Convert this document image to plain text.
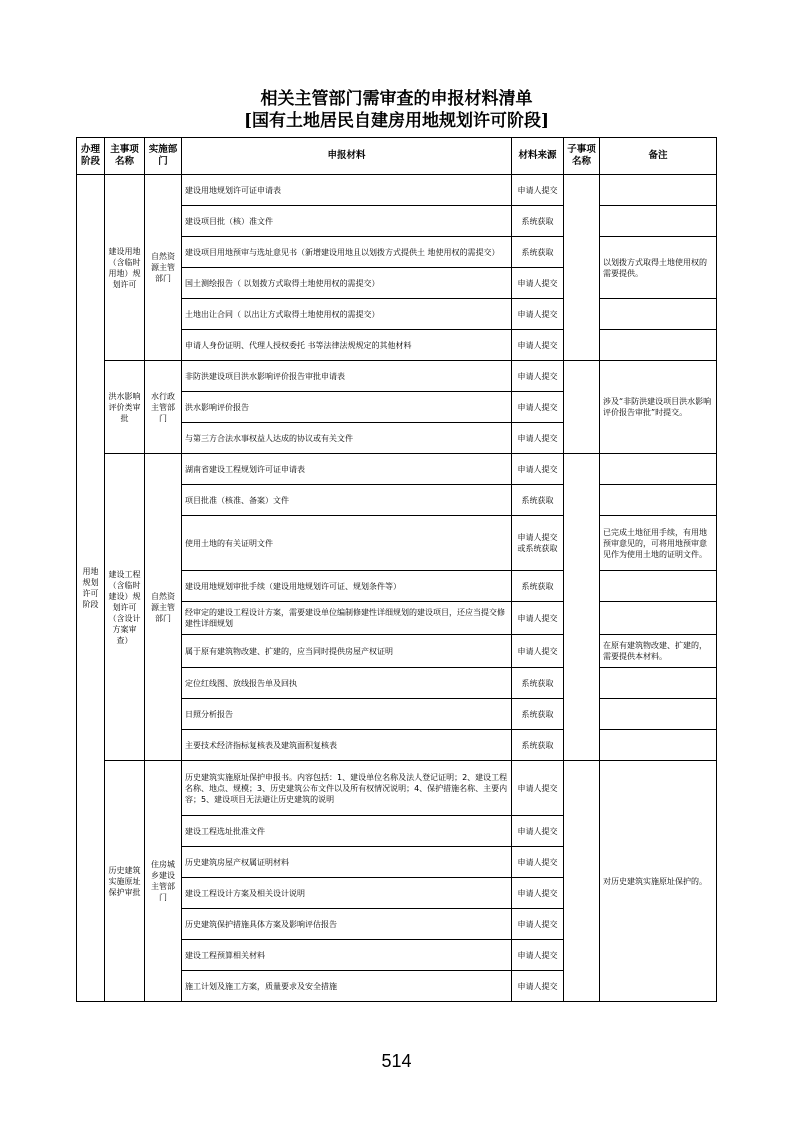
相关主管部门需审查的申报材料清单
[国有土地居民自建房用地规划许可阶段]
办理阶段	主事项名称	实施部门	申报材料	材料来源	子事项名称	备注
用地规划许可阶段	建设用地（含临时用地）规划许可	自然资源主管部门	建设用地规划许可证申请表	申请人提交		
			建设项目批（核）准文件	系统获取		
			建设项目用地预审与选址意见书（新增建设用地且以划拨方式提供土 地使用权的需提交）	系统获取		以划拨方式取得土地使用权的需要提供。
			国土测绘报告（ 以划拨方式取得土地使用权的需提交）	申请人提交		
			土地出让合同（ 以出让方式取得土地使用权的需提交）	申请人提交		
			申请人身份证明、代理人授权委托 书等法律法规规定的其他材料	申请人提交		
	洪水影响评价类审批	水行政主管部门	非防洪建设项目洪水影响评价报告审批申请表	申请人提交		涉及“非防洪建设项目洪水影响评价报告审批”时提交。
			洪水影响评价报告	申请人提交		
			与第三方合法水事权益人达成的协议或有关文件	申请人提交		
	建设工程（含临时建设）规划许可（含设计方案审查）	自然资源主管部门	湖南省建设工程规划许可证申请表	申请人提交		
			项目批准（核准、备案）文件	系统获取		
			使用土地的有关证明文件	申请人提交或系统获取		已完成土地征用手续，有用地预审意见的，可将用地预审意见作为使用土地的证明文件。
			建设用地规划审批手续（建设用地规划许可证、规划条件等）	系统获取		
			经审定的建设工程设计方案，需要建设单位编制修建性详细规划的建设项目，还应当提交修建性详细规划	申请人提交		
			属于原有建筑物改建、扩建的，应当同时提供房屋产权证明	申请人提交		在原有建筑物改建、扩建的，需要提供本材料。
			定位红线图、放线报告单及回执	系统获取		
			日照分析报告	系统获取		
			主要技术经济指标复核表及建筑面积复核表	系统获取		
	历史建筑实施原址保护审批	住房城乡建设主管部门	历史建筑实施原址保护申报书。内容包括：1、建设单位名称及法人登记证明；2、建设工程名称、地点、规模；3、历史建筑公布文件以及所有权情况说明；4、保护措施名称、主要内容；5、建设项目无法避让历史建筑的说明	申请人提交		对历史建筑实施原址保护的。
			建设工程选址批准文件	申请人提交		
			历史建筑房屋产权属证明材料	申请人提交		
			建设工程设计方案及相关设计说明	申请人提交		
			历史建筑保护措施具体方案及影响评估报告	申请人提交		
			建设工程预算相关材料	申请人提交		
			施工计划及施工方案，质量要求及安全措施	申请人提交		
514
